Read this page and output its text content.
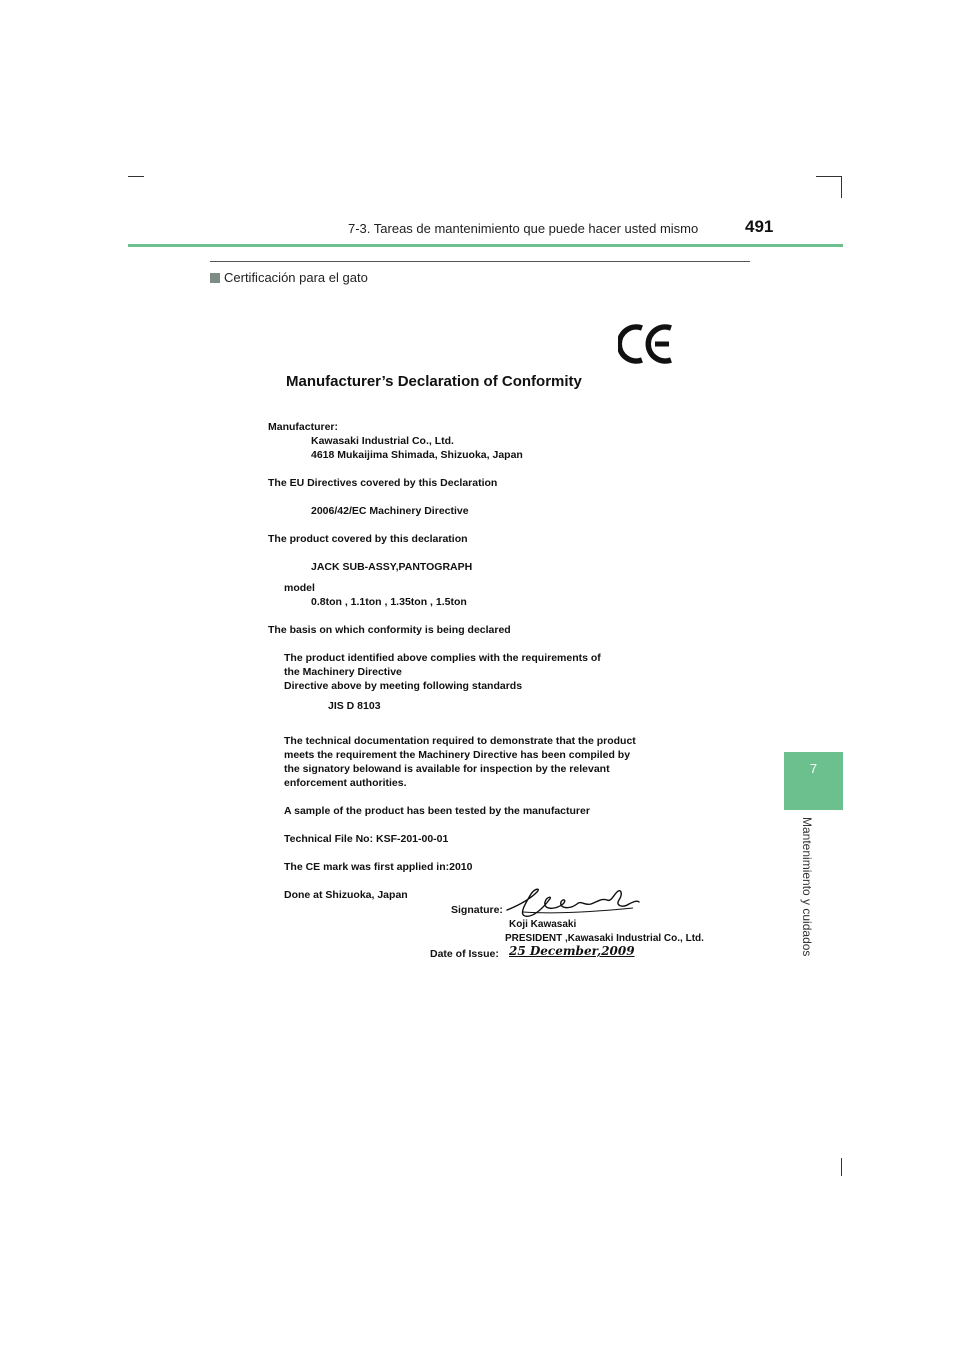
7-3. Tareas de mantenimiento que puede hacer usted mismo	491
Certificación para el gato
7
Mantenimiento y cuidados
Manufacturer’s Declaration of Conformity
Manufacturer:
Kawasaki Industrial Co., Ltd.
4618 Mukaijima Shimada, Shizuoka, Japan
The EU Directives covered by this Declaration
2006/42/EC Machinery Directive
The product covered by this declaration
JACK SUB-ASSY,PANTOGRAPH
model
0.8ton , 1.1ton , 1.35ton , 1.5ton
The basis on which conformity is being declared
The product identified above complies with the requirements of
the Machinery Directive
Directive above by meeting following standards
JIS D 8103
The technical documentation required to demonstrate that the product
meets the requirement the Machinery Directive has been compiled by
the signatory belowand is available for inspection by the relevant
enforcement authorities.
A sample of the product has been tested by the manufacturer
Technical File No: KSF-201-00-01
The CE mark was first applied in:2010
Done at Shizuoka, Japan
Signature:
Koji Kawasaki
PRESIDENT ,Kawasaki Industrial Co., Ltd.
Date of Issue: 25 December,2009
